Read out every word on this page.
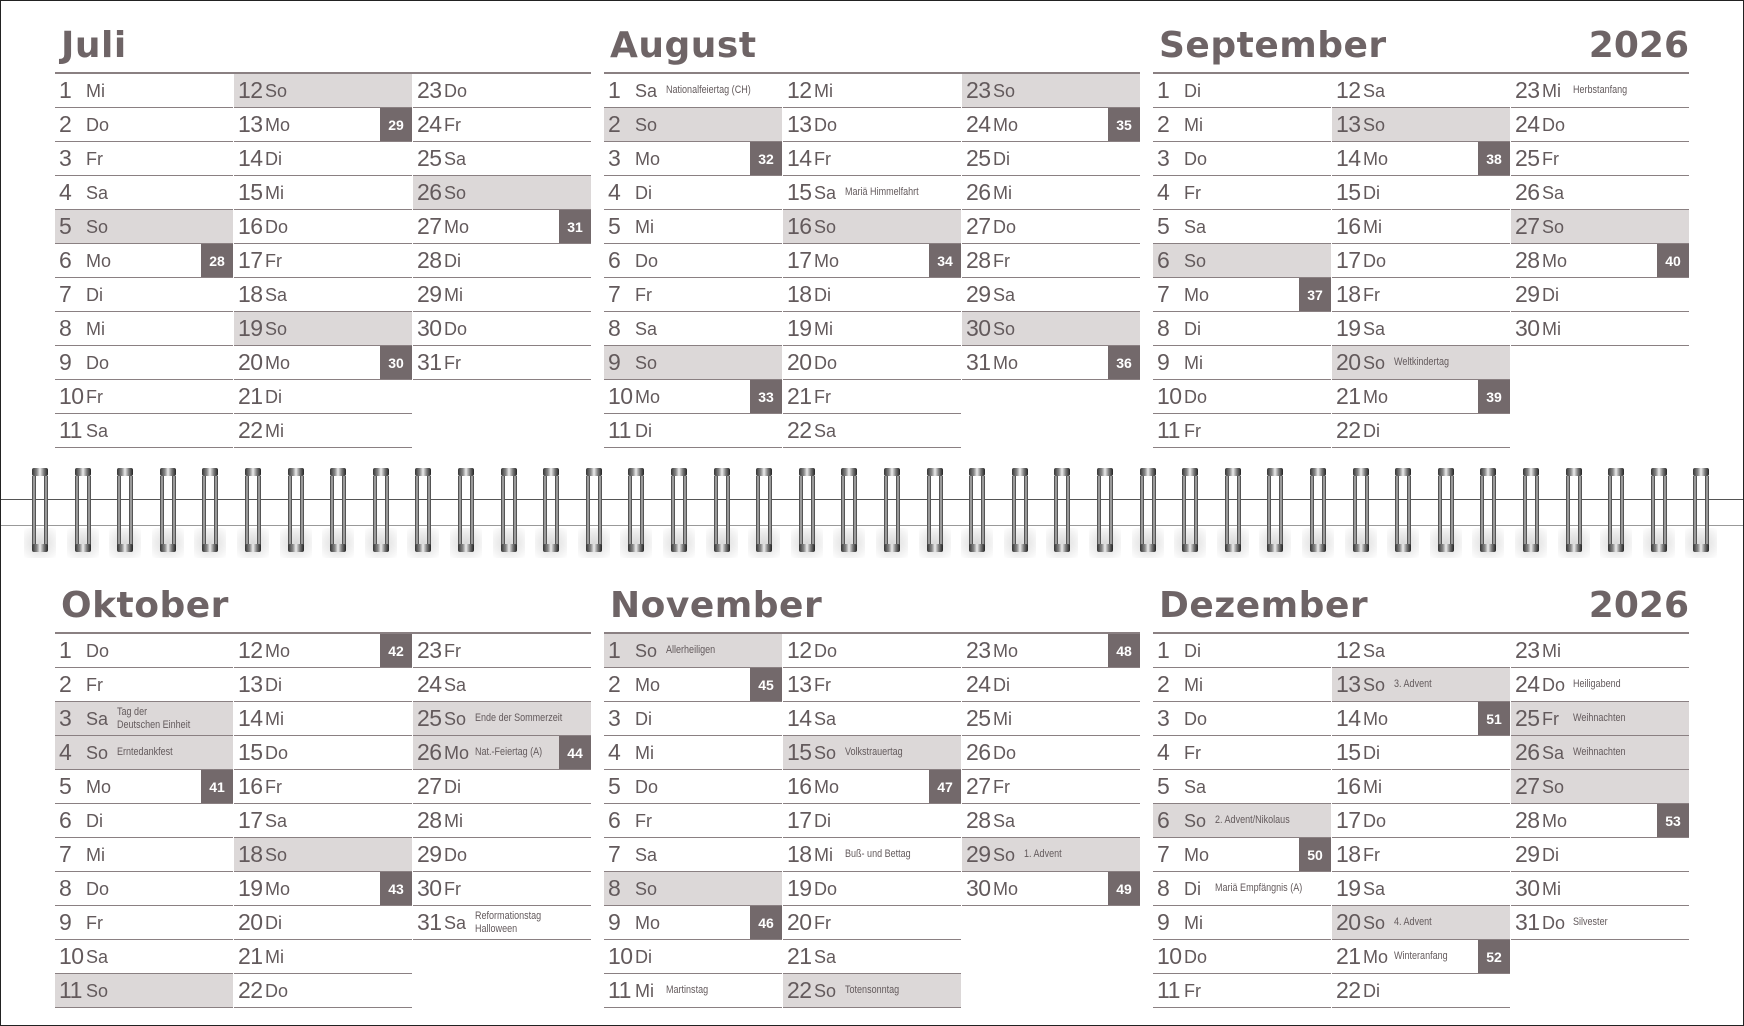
Juli
1 Mi
2 Do
3 Fr
4 Sa
5 So
6 Mo	28
7 Di
8 Mi
9 Do
10 Fr
11 Sa
12 So
13 Mo	29
14 Di
15 Mi
16 Do
17 Fr
18 Sa
19 So
20 Mo	30
21 Di
22 Mi
23 Do
24 Fr
25 Sa
26 So
27 Mo	31
28 Di
29 Mi
30 Do
31 Fr
August
1 Sa Nationalfeiertag (CH)
2 So
3 Mo	32
4 Di
5 Mi
6 Do
7 Fr
8 Sa
9 So
10 Mo	33
11 Di
12 Mi
13 Do
14 Fr
15 Sa Mariä Himmelfahrt
16 So
17 Mo	34
18 Di
19 Mi
20 Do
21 Fr
22 Sa
23 So
24 Mo	35
25 Di
26 Mi
27 Do
28 Fr
29 Sa
30 So
31 Mo	36
September	2026
1 Di
2 Mi
3 Do
4 Fr
5 Sa
6 So
7 Mo	37
8 Di
9 Mi
10 Do
11 Fr
12 Sa
13 So
14 Mo	38
15 Di
16 Mi
17 Do
18 Fr
19 Sa
20 So Weltkindertag
21 Mo	39
22 Di
23 Mi	Herbstanfang
24 Do
25 Fr
26 Sa
27 So
28 Mo	40
29 Di
30 Mi
Oktober
1 Do
2 Fr
3 Sa Tag der
Deutschen Einheit
4 So Erntedankfest
5 Mo	41
6 Di
7 Mi
8 Do
9 Fr
10 Sa
11 So
12 Mo	42
13 Di
14 Mi
15 Do
16 Fr
17 Sa
18 So
19 Mo	43
20 Di
21 Mi
22 Do
23 Fr
24 Sa
25 So Ende der Sommerzeit
26 Mo Nat.-Feiertag (A)	44
27 Di
28 Mi
29 Do
30 Fr
31 Sa Reformationstag
Halloween
November
1 So Allerheiligen
2 Mo	45
3 Di
4 Mi
5 Do
6 Fr
7 Sa
8 So
9 Mo	46
10 Di
11 Mi	Martinstag
12 Do
13 Fr
14 Sa
15 So Volkstrauertag
16 Mo	47
17 Di
18 Mi	Buß- und Bettag
19 Do
20 Fr
21 Sa
22 So Totensonntag
23 Mo	48
24 Di
25 Mi
26 Do
27 Fr
28 Sa
29 So 1. Advent
30 Mo	49
Dezember	2026
1 Di
2 Mi
3 Do
4 Fr
5 Sa
6 So 2. Advent/Nikolaus
7 Mo	50
8 Di	Mariä Empfängnis (A)
9 Mi
10 Do
11 Fr
12 Sa
13 So 3. Advent
14 Mo	51
15 Di
16 Mi
17 Do
18 Fr
19 Sa
20 So 4. Advent
21 Mo Winteranfang	52
22 Di
23 Mi
24 Do Heiligabend
25 Fr	Weihnachten
26 Sa Weihnachten
27 So
28 Mo	53
29 Di
30 Mi
31 Do Silvester
